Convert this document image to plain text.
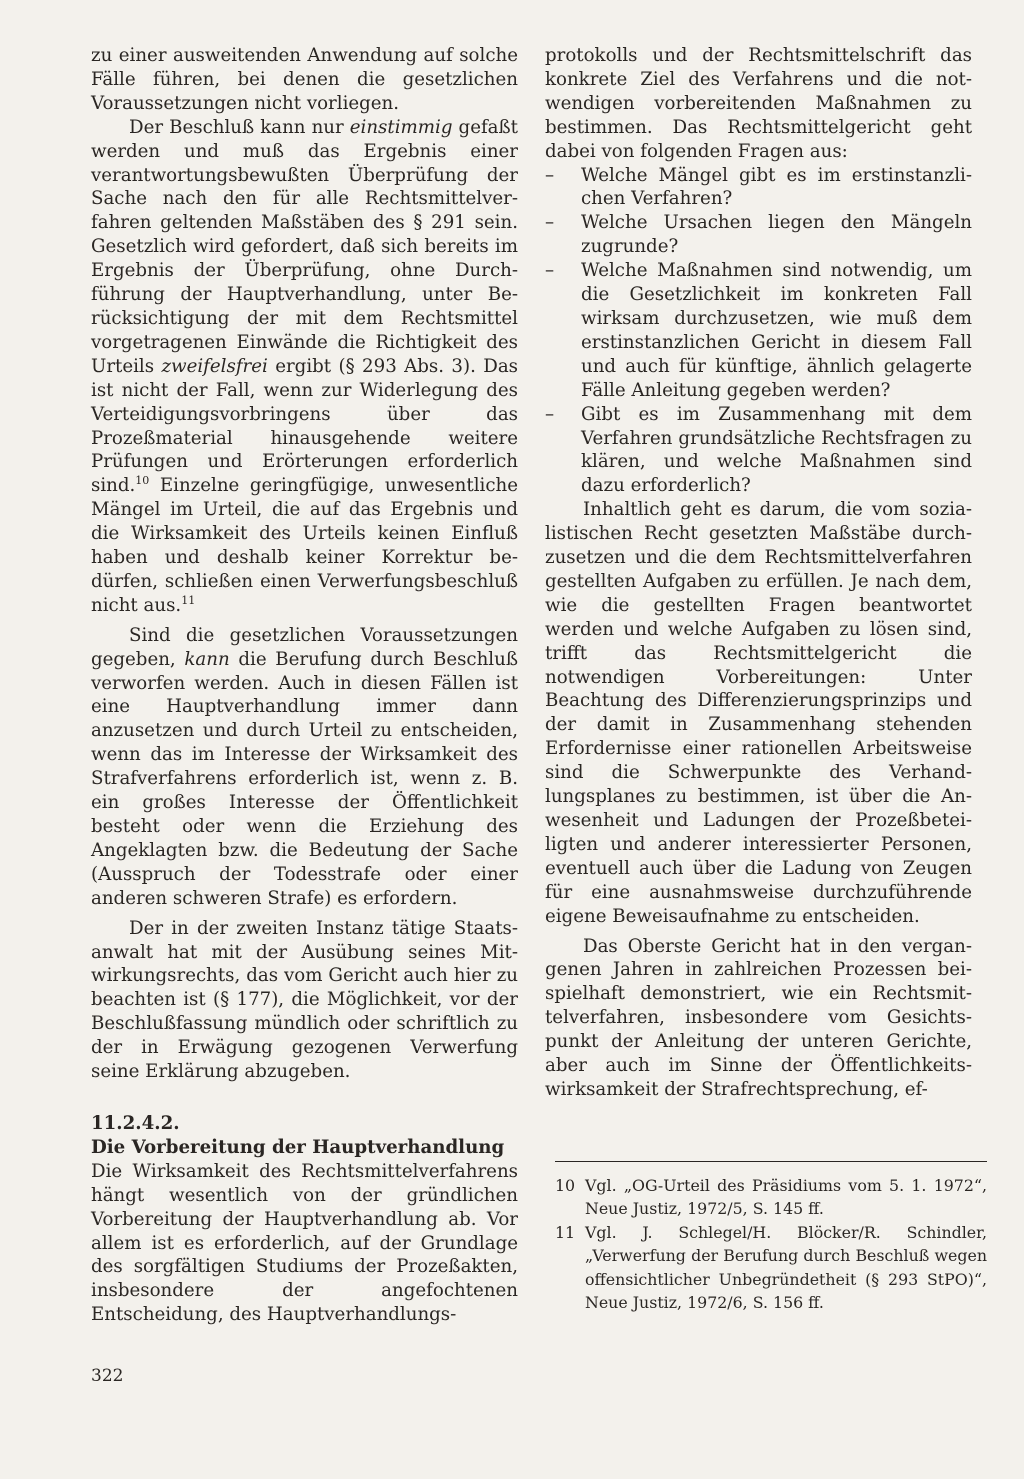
zu einer ausweitenden Anwendung auf solche Fälle führen, bei denen die gesetzlichen Voraussetzungen nicht vorliegen.

Der Beschluß kann nur einstimmig gefaßt werden und muß das Ergebnis einer verantwortungsbewußten Überprüfung der Sache nach den für alle Rechtsmittelverfahren geltenden Maßstäben des § 291 sein. Gesetzlich wird gefordert, daß sich bereits im Ergebnis der Überprüfung, ohne Durchführung der Hauptverhandlung, unter Berücksichtigung der mit dem Rechtsmittel vorgetragenen Einwände die Richtigkeit des Urteils zweifelsfrei ergibt (§ 293 Abs. 3). Das ist nicht der Fall, wenn zur Widerlegung des Verteidigungsvorbringens über das Prozeßmaterial hinausgehende weitere Prüfungen und Erörterungen erforderlich sind.$^{10}$ Einzelne geringfügige, unwesentliche Mängel im Urteil, die auf das Ergebnis und die Wirksamkeit des Urteils keinen Einfluß haben und deshalb keiner Korrektur bedürfen, schließen einen Verwerfungsbeschluß nicht aus.$^{11}$

Sind die gesetzlichen Voraussetzungen gegeben, kann die Berufung durch Beschluß verworfen werden. Auch in diesen Fällen ist eine Hauptverhandlung immer dann anzusetzen und durch Urteil zu entscheiden, wenn das im Interesse der Wirksamkeit des Strafverfahrens erforderlich ist, wenn z. B. ein großes Interesse der Öffentlichkeit besteht oder wenn die Erziehung des Angeklagten bzw. die Bedeutung der Sache (Ausspruch der Todesstrafe oder einer anderen schweren Strafe) es erfordern.

Der in der zweiten Instanz tätige Staatsanwalt hat mit der Ausübung seines Mitwirkungsrechts, das vom Gericht auch hier zu beachten ist (§ 177), die Möglichkeit, vor der Beschlußfassung mündlich oder schriftlich zu der in Erwägung gezogenen Verwerfung seine Erklärung abzugeben.

11.2.4.2.
Die Vorbereitung der Hauptverhandlung

Die Wirksamkeit des Rechtsmittelverfahrens hängt wesentlich von der gründlichen Vorbereitung der Hauptverhandlung ab. Vor allem ist es erforderlich, auf der Grundlage des sorgfältigen Studiums der Prozeßakten, insbesondere der angefochtenen Entscheidung, des Hauptverhandlungs-

protokolls und der Rechtsmittelschrift das konkrete Ziel des Verfahrens und die notwendigen vorbereitenden Maßnahmen zu bestimmen. Das Rechtsmittelgericht geht dabei von folgenden Fragen aus:

– Welche Mängel gibt es im erstinstanzlichen Verfahren?
– Welche Ursachen liegen den Mängeln zugrunde?
– Welche Maßnahmen sind notwendig, um die Gesetzlichkeit im konkreten Fall wirksam durchzusetzen, wie muß dem erstinstanzlichen Gericht in diesem Fall und auch für künftige, ähnlich gelagerte Fälle Anleitung gegeben werden?
– Gibt es im Zusammenhang mit dem Verfahren grundsätzliche Rechtsfragen zu klären, und welche Maßnahmen sind dazu erforderlich?

Inhaltlich geht es darum, die vom sozialistischen Recht gesetzten Maßstäbe durchzusetzen und die dem Rechtsmittelverfahren gestellten Aufgaben zu erfüllen. Je nach dem, wie die gestellten Fragen beantwortet werden und welche Aufgaben zu lösen sind, trifft das Rechtsmittelgericht die notwendigen Vorbereitungen: Unter Beachtung des Differenzierungsprinzips und der damit in Zusammenhang stehenden Erfordernisse einer rationellen Arbeitsweise sind die Schwerpunkte des Verhandlungsplanes zu bestimmen, ist über die Anwesenheit und Ladungen der Prozeßbeteiligten und anderer interessierter Personen, eventuell auch über die Ladung von Zeugen für eine ausnahmsweise durchzuführende eigene Beweisaufnahme zu entscheiden.

Das Oberste Gericht hat in den vergangenen Jahren in zahlreichen Prozessen beispielhaft demonstriert, wie ein Rechtsmittelverfahren, insbesondere vom Gesichtspunkt der Anleitung der unteren Gerichte, aber auch im Sinne der Öffentlichkeitswirksamkeit der Strafrechtsprechung, ef-

10 Vgl. „OG-Urteil des Präsidiums vom 5. 1. 1972“, Neue Justiz, 1972/5, S. 145 ff.
11 Vgl. J. Schlegel/H. Blöcker/R. Schindler, „Verwerfung der Berufung durch Beschluß wegen offensichtlicher Unbegründetheit (§ 293 StPO)“, Neue Justiz, 1972/6, S. 156 ff.
322
